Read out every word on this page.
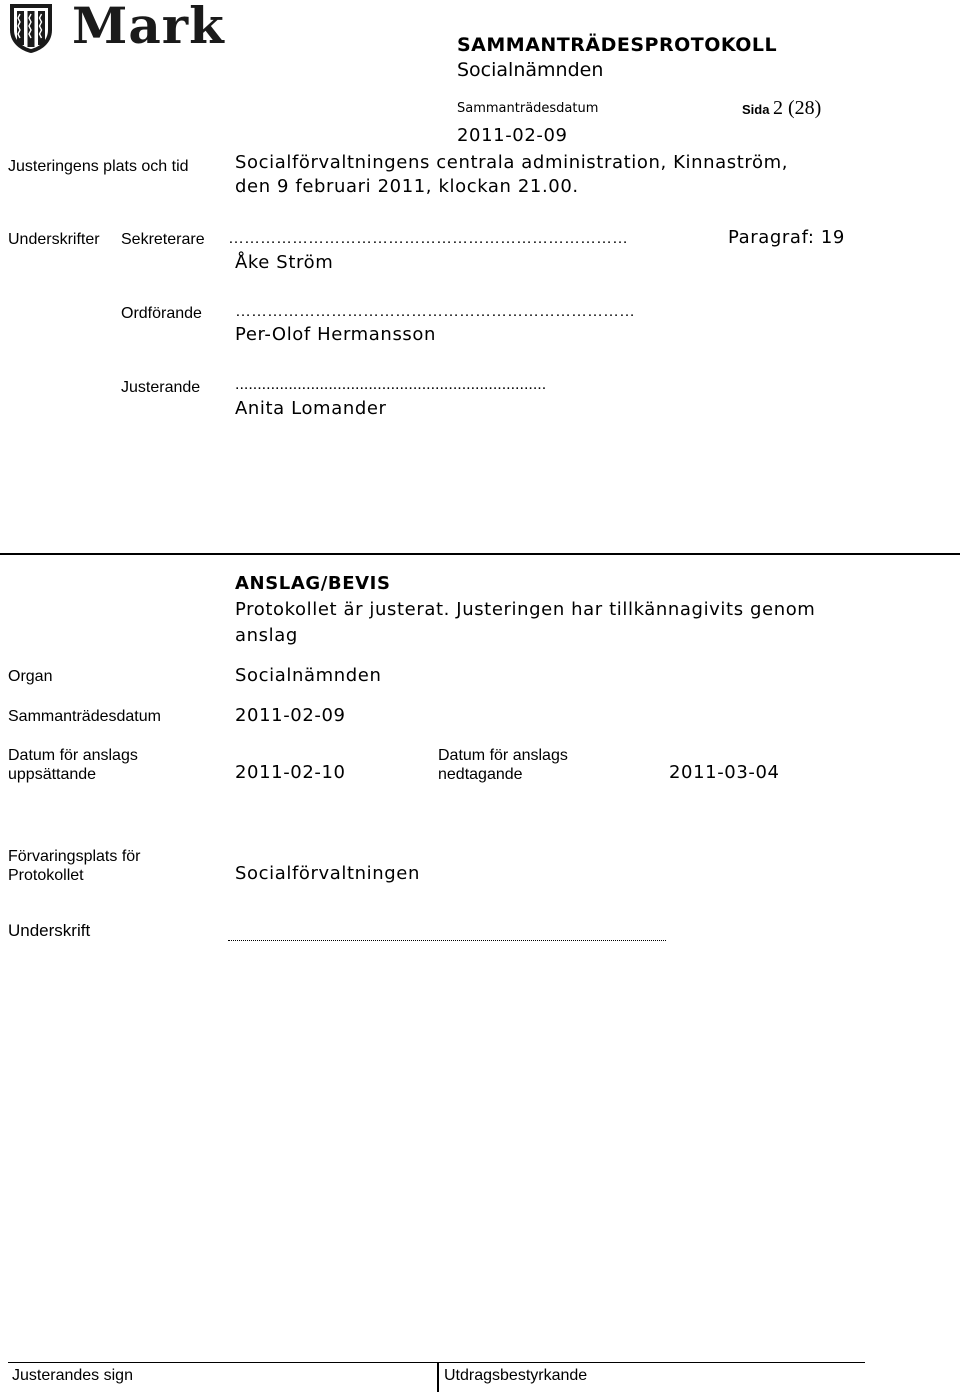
Mark	SAMMANTRÄDESPROTOKOLL
Socialnämnden
Sammanträdesdatum	Sida 2 (28)
2011-02-09
Justeringens plats och tid	Socialförvaltningens centrala administration, Kinnaström,
den 9 februari 2011, klockan 21.00.
Underskrifter Sekreterare …………………………………………………………………	Paragraf: 19
Åke Ström
Ordförande …………………………………………………………………
Per-Olof Hermansson
Justerande ......................................................................
Anita Lomander
ANSLAG/BEVIS
Protokollet är justerat. Justeringen har tillkännagivits genom
anslag
Organ	Socialnämnden
Sammanträdesdatum	2011-02-09
Datum för anslags
uppsättande	2011-02-10
Datum för anslags
nedtagande	2011-03-04
Förvaringsplats för
Protokollet	Socialförvaltningen
Underskrift
Justerandes sign	Utdragsbestyrkande
